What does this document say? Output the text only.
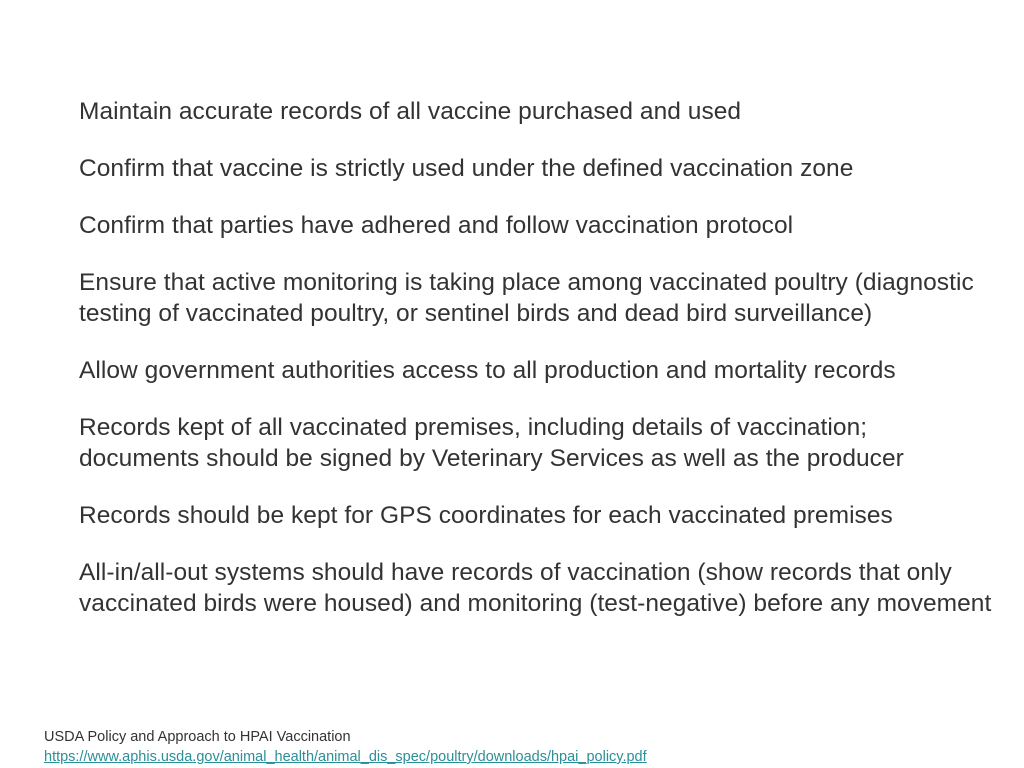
Maintain accurate records of all vaccine purchased and used
Confirm that vaccine is strictly used under the defined vaccination zone
Confirm that parties have adhered and follow vaccination protocol
Ensure that active monitoring is taking place among vaccinated poultry (diagnostic testing of vaccinated poultry, or sentinel birds and dead bird surveillance)
Allow government authorities access to all production and mortality records
Records kept of all vaccinated premises, including details of vaccination; documents should be signed by Veterinary Services as well as the producer
Records should be kept for GPS coordinates for each vaccinated premises
All-in/all-out systems should have records of vaccination (show records that only vaccinated birds were housed) and monitoring (test-negative) before any movement
USDA Policy and Approach to HPAI Vaccination
https://www.aphis.usda.gov/animal_health/animal_dis_spec/poultry/downloads/hpai_policy.pdf
